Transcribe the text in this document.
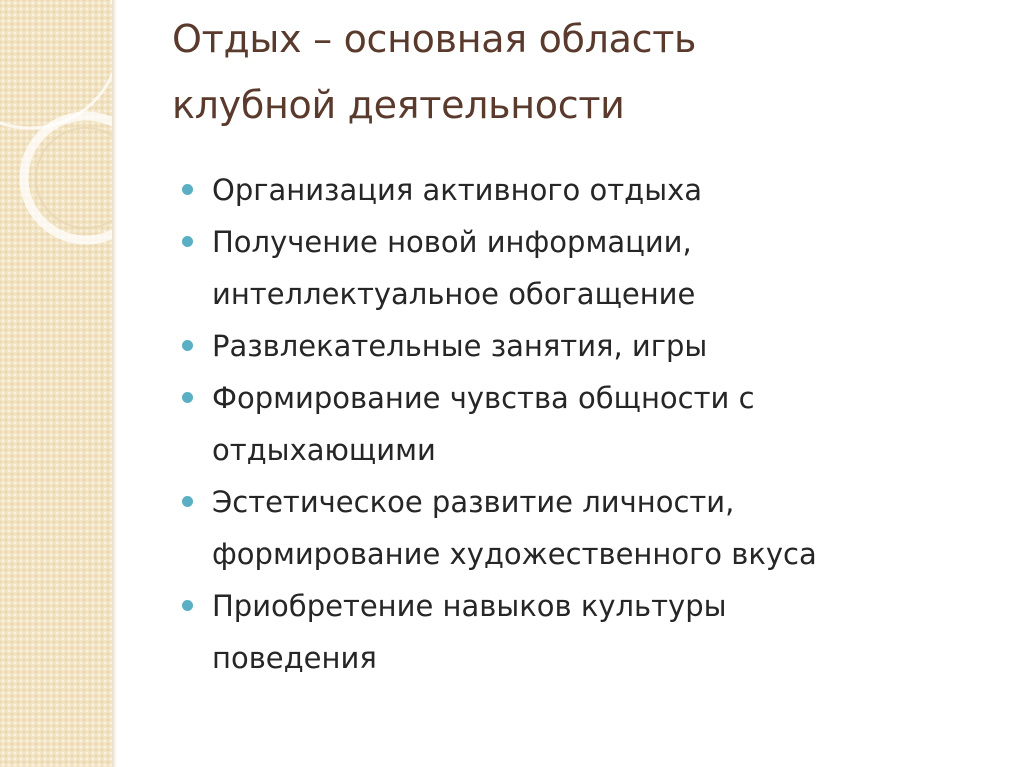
Отдых – основная область
клубной деятельности
Организация активного отдыха
Получение новой информации,
интеллектуальное обогащение
Развлекательные занятия, игры
Формирование чувства общности с
отдыхающими
Эстетическое развитие личности,
формирование художественного вкуса
Приобретение навыков культуры
поведения
